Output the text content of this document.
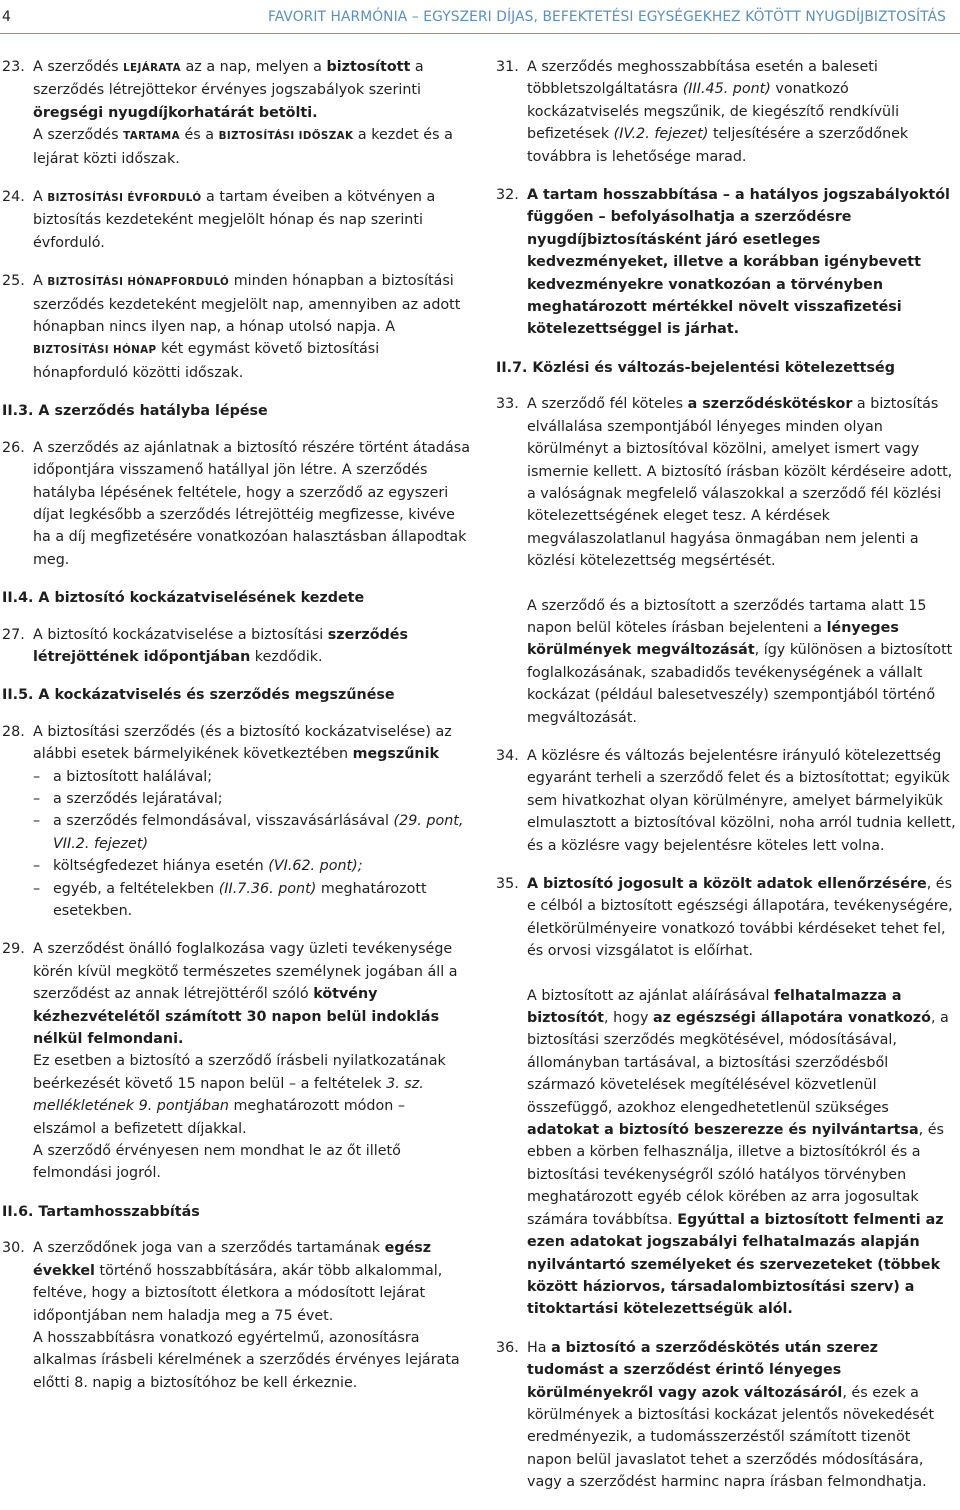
4	FAVORIT HARMÓNIA – EGYSZERI DÍJAS, BEFEKTETÉSI EGYSÉGEKHEZ KÖTÖTT NYUGDÍJBIZTOSÍTÁS
23. A szerződés LEJÁRATA az a nap, melyen a biztosított a szerződés létrejöttekor érvényes jogszabályok szerinti öregségi nyugdíjkorhatárát betölti.

A szerződés TARTAMA és a BIZTOSÍTÁSI IDŐSZAK a kezdet és a lejárat közti időszak.

24. A BIZTOSÍTÁSI ÉVFORDULÓ a tartam éveiben a kötvényen a biztosítás kezdeteként megjelölt hónap és nap szerinti évforduló.

25. A BIZTOSÍTÁSI HÓNAPFORDULÓ minden hónapban a biztosítási szerződés kezdeteként megjelölt nap, amennyiben az adott hónapban nincs ilyen nap, a hónap utolsó napja. A BIZTOSÍTÁSI HÓNAP két egymást követő biztosítási hónapforduló közötti időszak.

II.3. A szerződés hatályba lépése
26. A szerződés az ajánlatnak a biztosító részére történt átadása időpontjára visszamenő hatállyal jön létre. A szerződés hatályba lépésének feltétele, hogy a szerződő az egyszeri díjat legkésőbb a szerződés létrejöttéig megfizesse, kivéve ha a díj megfizetésére vonatkozóan halasztásban állapodtak meg.

II.4. A biztosító kockázatviselésének kezdete
27. A biztosító kockázatviselése a biztosítási szerződés létrejöttének időpontjában kezdődik.

II.5. A kockázatviselés és szerződés megszűnése
28. A biztosítási szerződés (és a biztosító kockázatviselése) az alábbi esetek bármelyikének következtében megszűnik

– a biztosított halálával;
– a szerződés lejáratával;
– a szerződés felmondásával, visszavásárlásával (29. pont, VII.2. fejezet)
– költségfedezet hiánya esetén (VI.62. pont);
– egyéb, a feltételekben (II.7.36. pont) meghatározott esetekben.
29. A szerződést önálló foglalkozása vagy üzleti tevékenysége körén kívül megkötő természetes személynek jogában áll a szerződést az annak létrejöttéről szóló kötvény kézhezvételétől számított 30 napon belül indoklás nélkül felmondani.

Ez esetben a biztosító a szerződő írásbeli nyilatkozatának beérkezését követő 15 napon belül – a feltételek 3. sz. mellékletének 9. pontjában meghatározott módon – elszámol a befizetett díjakkal.

A szerződő érvényesen nem mondhat le az őt illető felmondási jogról.

II.6. Tartamhosszabbítás
30. A szerződőnek joga van a szerződés tartamának egész évekkel történő hosszabbítására, akár több alkalommal, feltéve, hogy a biztosított életkora a módosított lejárat időpontjában nem haladja meg a 75 évet.

A hosszabbításra vonatkozó egyértelmű, azonosításra alkalmas írásbeli kérelmének a szerződés érvényes lejárata előtti 8. napig a biztosítóhoz be kell érkeznie.

31. A szerződés meghosszabbítása esetén a baleseti többletszolgáltatásra (III.45. pont) vonatkozó kockázatviselés megszűnik, de kiegészítő rendkívüli befizetések (IV.2. fejezet) teljesítésére a szerződőnek továbbra is lehetősége marad.

32. A tartam hosszabbítása – a hatályos jogszabályoktól függően – befolyásolhatja a szerződésre nyugdíjbiztosításként járó esetleges kedvezményeket, illetve a korábban igénybevett kedvezményekre vonatkozóan a törvényben meghatározott mértékkel növelt visszafizetési kötelezettséggel is járhat.

II.7. Közlési és változás-bejelentési kötelezettség
33. A szerződő fél köteles a szerződéskötéskor a biztosítás elvállalása szempontjából lényeges minden olyan körülményt a biztosítóval közölni, amelyet ismert vagy ismernie kellett. A biztosító írásban közölt kérdéseire adott, a valóságnak megfelelő válaszokkal a szerződő fél közlési kötelezettségének eleget tesz. A kérdések megválaszolatlanul hagyása önmagában nem jelenti a közlési kötelezettség megsértését.

A szerződő és a biztosított a szerződés tartama alatt 15 napon belül köteles írásban bejelenteni a lényeges körülmények megváltozását, így különösen a biztosított foglalkozásának, szabadidős tevékenységének a vállalt kockázat (például balesetveszély) szempontjából történő megváltozását.

34. A közlésre és változás bejelentésre irányuló kötelezettség egyaránt terheli a szerződő felet és a biztosítottat; egyikük sem hivatkozhat olyan körülményre, amelyet bármelyikük elmulasztott a biztosítóval közölni, noha arról tudnia kellett, és a közlésre vagy bejelentésre köteles lett volna.

35. A biztosító jogosult a közölt adatok ellenőrzésére, és e célból a biztosított egészségi állapotára, tevékenységére, életkörülményeire vonatkozó további kérdéseket tehet fel, és orvosi vizsgálatot is előírhat.

A biztosított az ajánlat aláírásával felhatalmazza a biztosítót, hogy az egészségi állapotára vonatkozó, a biztosítási szerződés megkötésével, módosításával, állományban tartásával, a biztosítási szerződésből származó követelések megítélésével közvetlenül összefüggő, azokhoz elengedhetetlenül szükséges adatokat a biztosító beszerezze és nyilvántartsa, és ebben a körben felhasználja, illetve a biztosítókról és a biztosítási tevékenységről szóló hatályos törvényben meghatározott egyéb célok körében az arra jogosultak számára továbbítsa. Egyúttal a biztosított felmenti az ezen adatokat jogszabályi felhatalmazás alapján nyilvántartó személyeket és szervezeteket (többek között háziorvos, társadalombiztosítási szerv) a titoktartási kötelezettségük alól.

36. Ha a biztosító a szerződéskötés után szerez tudomást a szerződést érintő lényeges körülményekről vagy azok változásáról, és ezek a körülmények a biztosítási kockázat jelentős növekedését eredményezik, a tudomásszerzéstől számított tizenöt napon belül javaslatot tehet a szerződés módosítására, vagy a szerződést harminc napra írásban felmondhatja.
